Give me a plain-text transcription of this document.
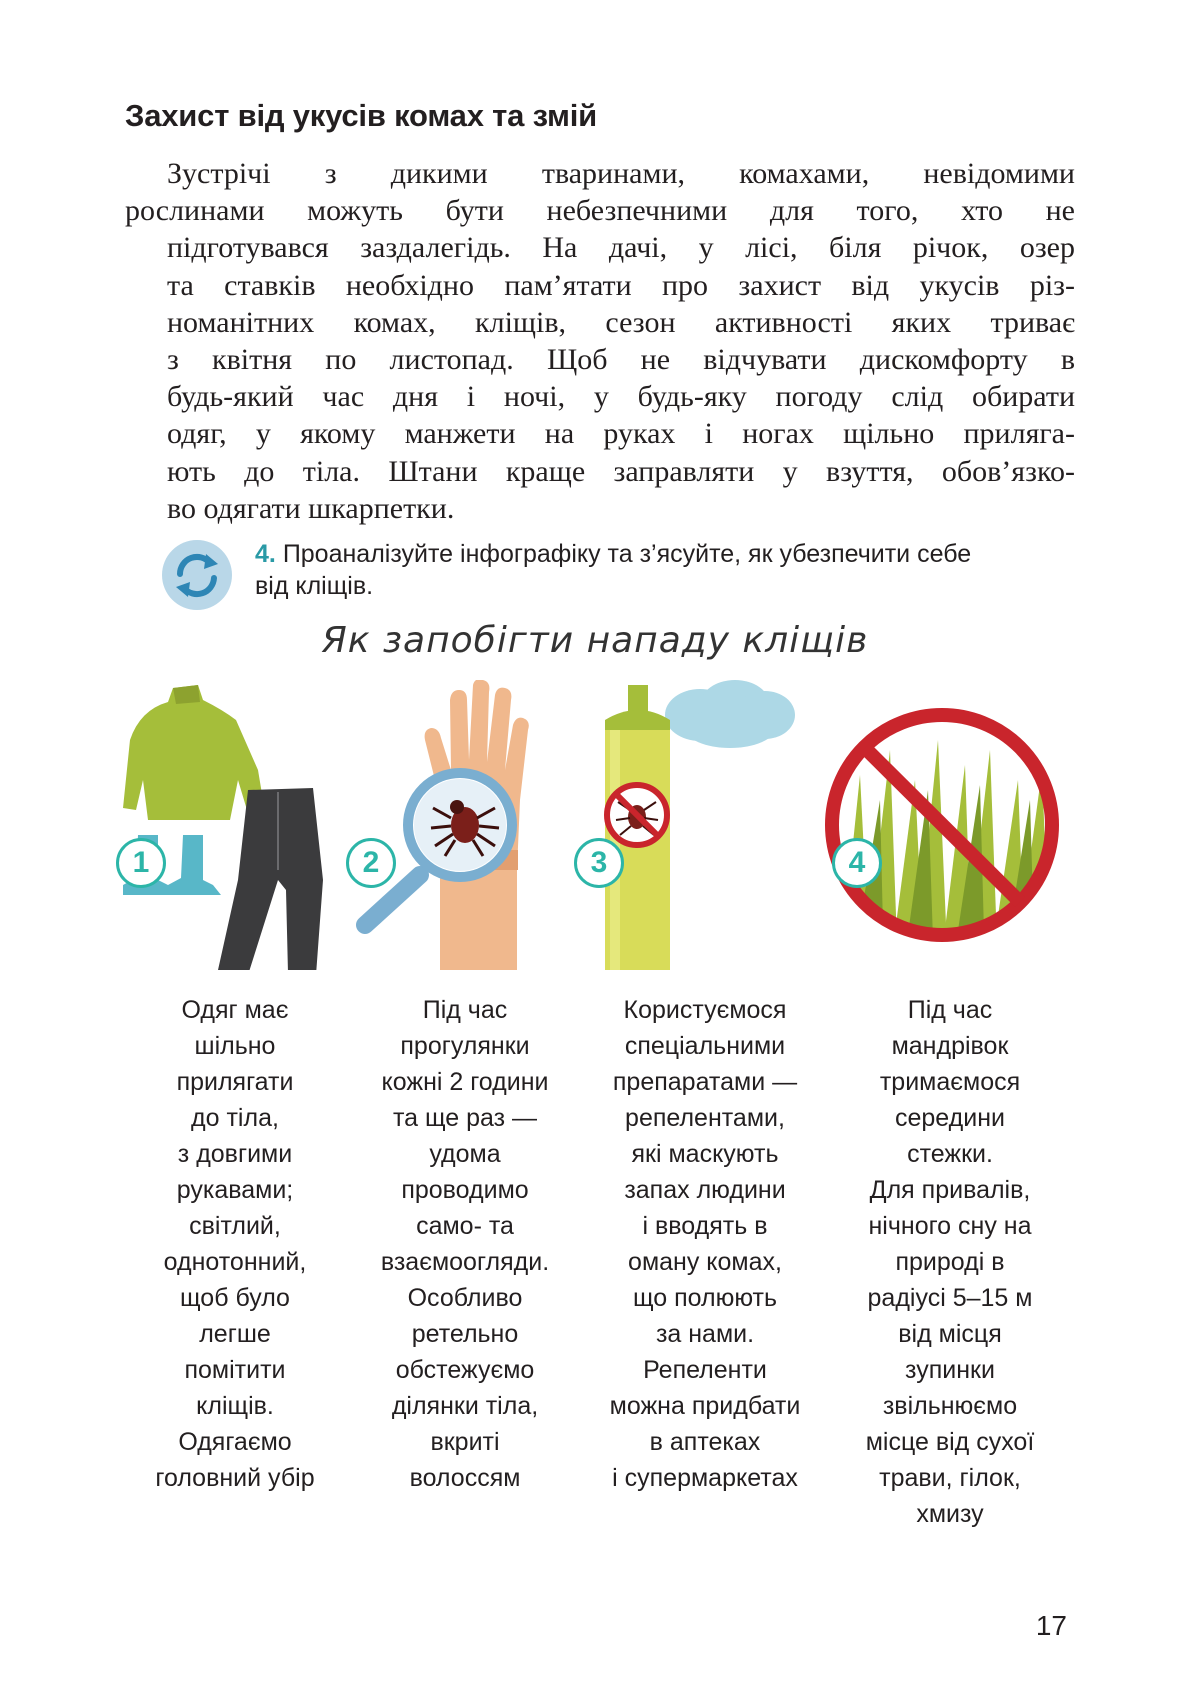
Захист від укусів комах та змій
Зустрічі з дикими тваринами, комахами, невідомими
рослинами можуть бути небезпечними для того, хто не
підготувався заздалегідь. На дачі, у лісі, біля річок, озер
та ставків необхідно пам’ятати про захист від укусів різ-
номанітних комах, кліщів, сезон активності яких триває
з квітня по листопад. Щоб не відчувати дискомфорту в
будь-який час дня і ночі, у будь-яку погоду слід обирати
одяг, у якому манжети на руках і ногах щільно приляга-
ють до тіла. Штани краще заправляти у взуття, обов’язко-
во одягати шкарпетки.
4. Проаналізуйте інфографіку та з’ясуйте, як убезпечити себе
від кліщів.
Як запобігти нападу кліщів
1	2	3	4
Одяг має
шільно
прилягати
до тіла,
з довгими
рукавами;
світлий,
однотонний,
щоб було
легше
помітити
кліщів.
Одягаємо
головний убір
Під час
прогулянки
кожні 2 години
та ще раз —
удома
проводимо
само- та
взаємоогляди.
Особливо
ретельно
обстежуємо
ділянки тіла,
вкриті
волоссям
Користуємося
спеціальними
препаратами —
репелентами,
які маскують
запах людини
і вводять в
оману комах,
що полюють
за нами.
Репеленти
можна придбати
в аптеках
і супермаркетах
Під час
мандрівок
тримаємося
середини
стежки.
Для привалів,
нічного сну на
природі в
радіусі 5–15 м
від місця
зупинки
звільнюємо
місце від сухої
трави, гілок,
хмизу
17
